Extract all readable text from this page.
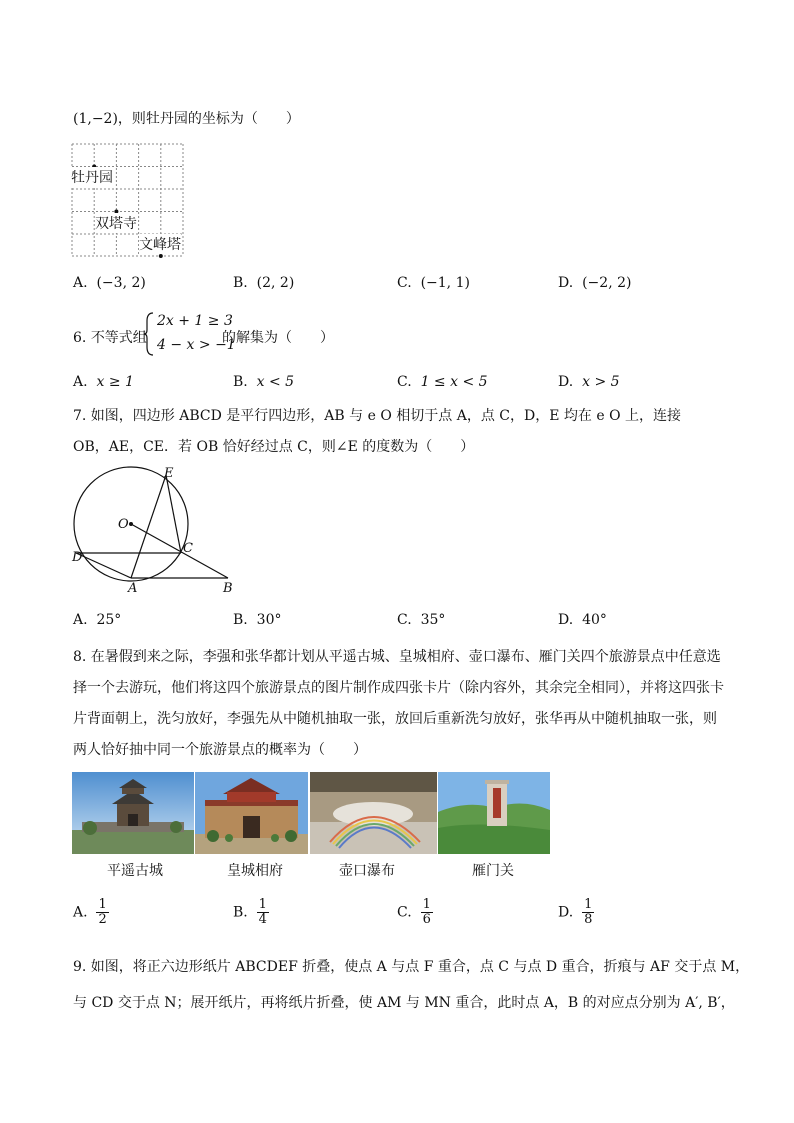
(1,−2)，则牡丹园的坐标为（　　）
牡丹园
双塔寺
文峰塔
A. (−3, 2)	B. (2, 2)	C. (−1, 1)	D. (−2, 2)
6. 不等式组
2x + 1 ≥ 3
4 − x > −1
的解集为（　　）
A. x ≥ 1	B. x < 5	C. 1 ≤ x < 5	D. x > 5
7. 如图，四边形 ABCD 是平行四边形，AB 与 e O 相切于点 A，点 C，D，E 均在 e O 上，连接
OB，AE，CE．若 OB 恰好经过点 C，则∠E 的度数为（　　）
E
O
C
D
A	B
A. 25°	B. 30°	C. 35°	D. 40°
8. 在暑假到来之际，李强和张华都计划从平遥古城、皇城相府、壶口瀑布、雁门关四个旅游景点中任意选
择一个去游玩，他们将这四个旅游景点的图片制作成四张卡片（除内容外，其余完全相同），并将这四张卡
片背面朝上，洗匀放好，李强先从中随机抽取一张，放回后重新洗匀放好，张华再从中随机抽取一张，则
两人恰好抽中同一个旅游景点的概率为（　　）
平遥古城	皇城相府	壶口瀑布	雁门关
A. $\frac{1}{2}$	B. $\frac{1}{4}$	C. $\frac{1}{6}$	D. $\frac{1}{8}$
9. 如图，将正六边形纸片 ABCDEF 折叠，使点 A 与点 F 重合，点 C 与点 D 重合，折痕与 AF 交于点 M，
与 CD 交于点 N；展开纸片，再将纸片折叠，使 AM 与 MN 重合，此时点 A，B 的对应点分别为 A′, B′，
